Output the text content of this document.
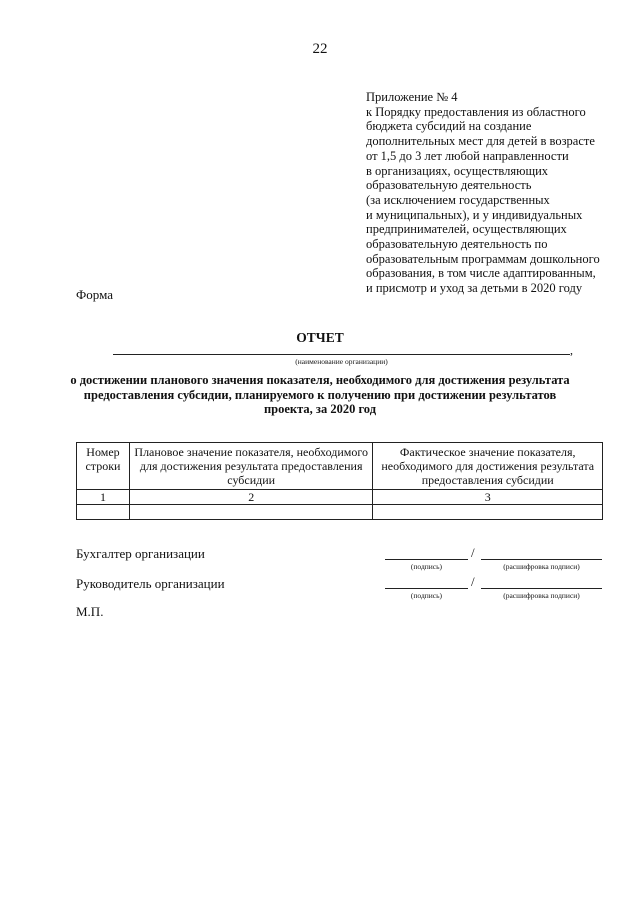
22
Приложение № 4
к Порядку предоставления из областного
бюджета субсидий на создание
дополнительных мест для детей в возрасте
от 1,5 до 3 лет любой направленности
в организациях, осуществляющих
образовательную деятельность
(за исключением государственных
и муниципальных), и у индивидуальных
предпринимателей, осуществляющих
образовательную деятельность по
образовательным программам дошкольного
образования, в том числе адаптированным,
и присмотр и уход за детьми в 2020 году
Форма
ОТЧЕТ
,
(наименование организации)
о достижении планового значения показателя, необходимого для достижения результата
предоставления субсидии, планируемого к получению при достижении результатов
проекта, за 2020 год
Номер строки	Плановое значение показателя, необходимого для достижения результата предоставления субсидии	Фактическое значение показателя, необходимого для достижения результата предоставления субсидии
1	2	3

Бухгалтер организации	/
(подпись)	(расшифровка подписи)
Руководитель организации	/
(подпись)	(расшифровка подписи)
М.П.
